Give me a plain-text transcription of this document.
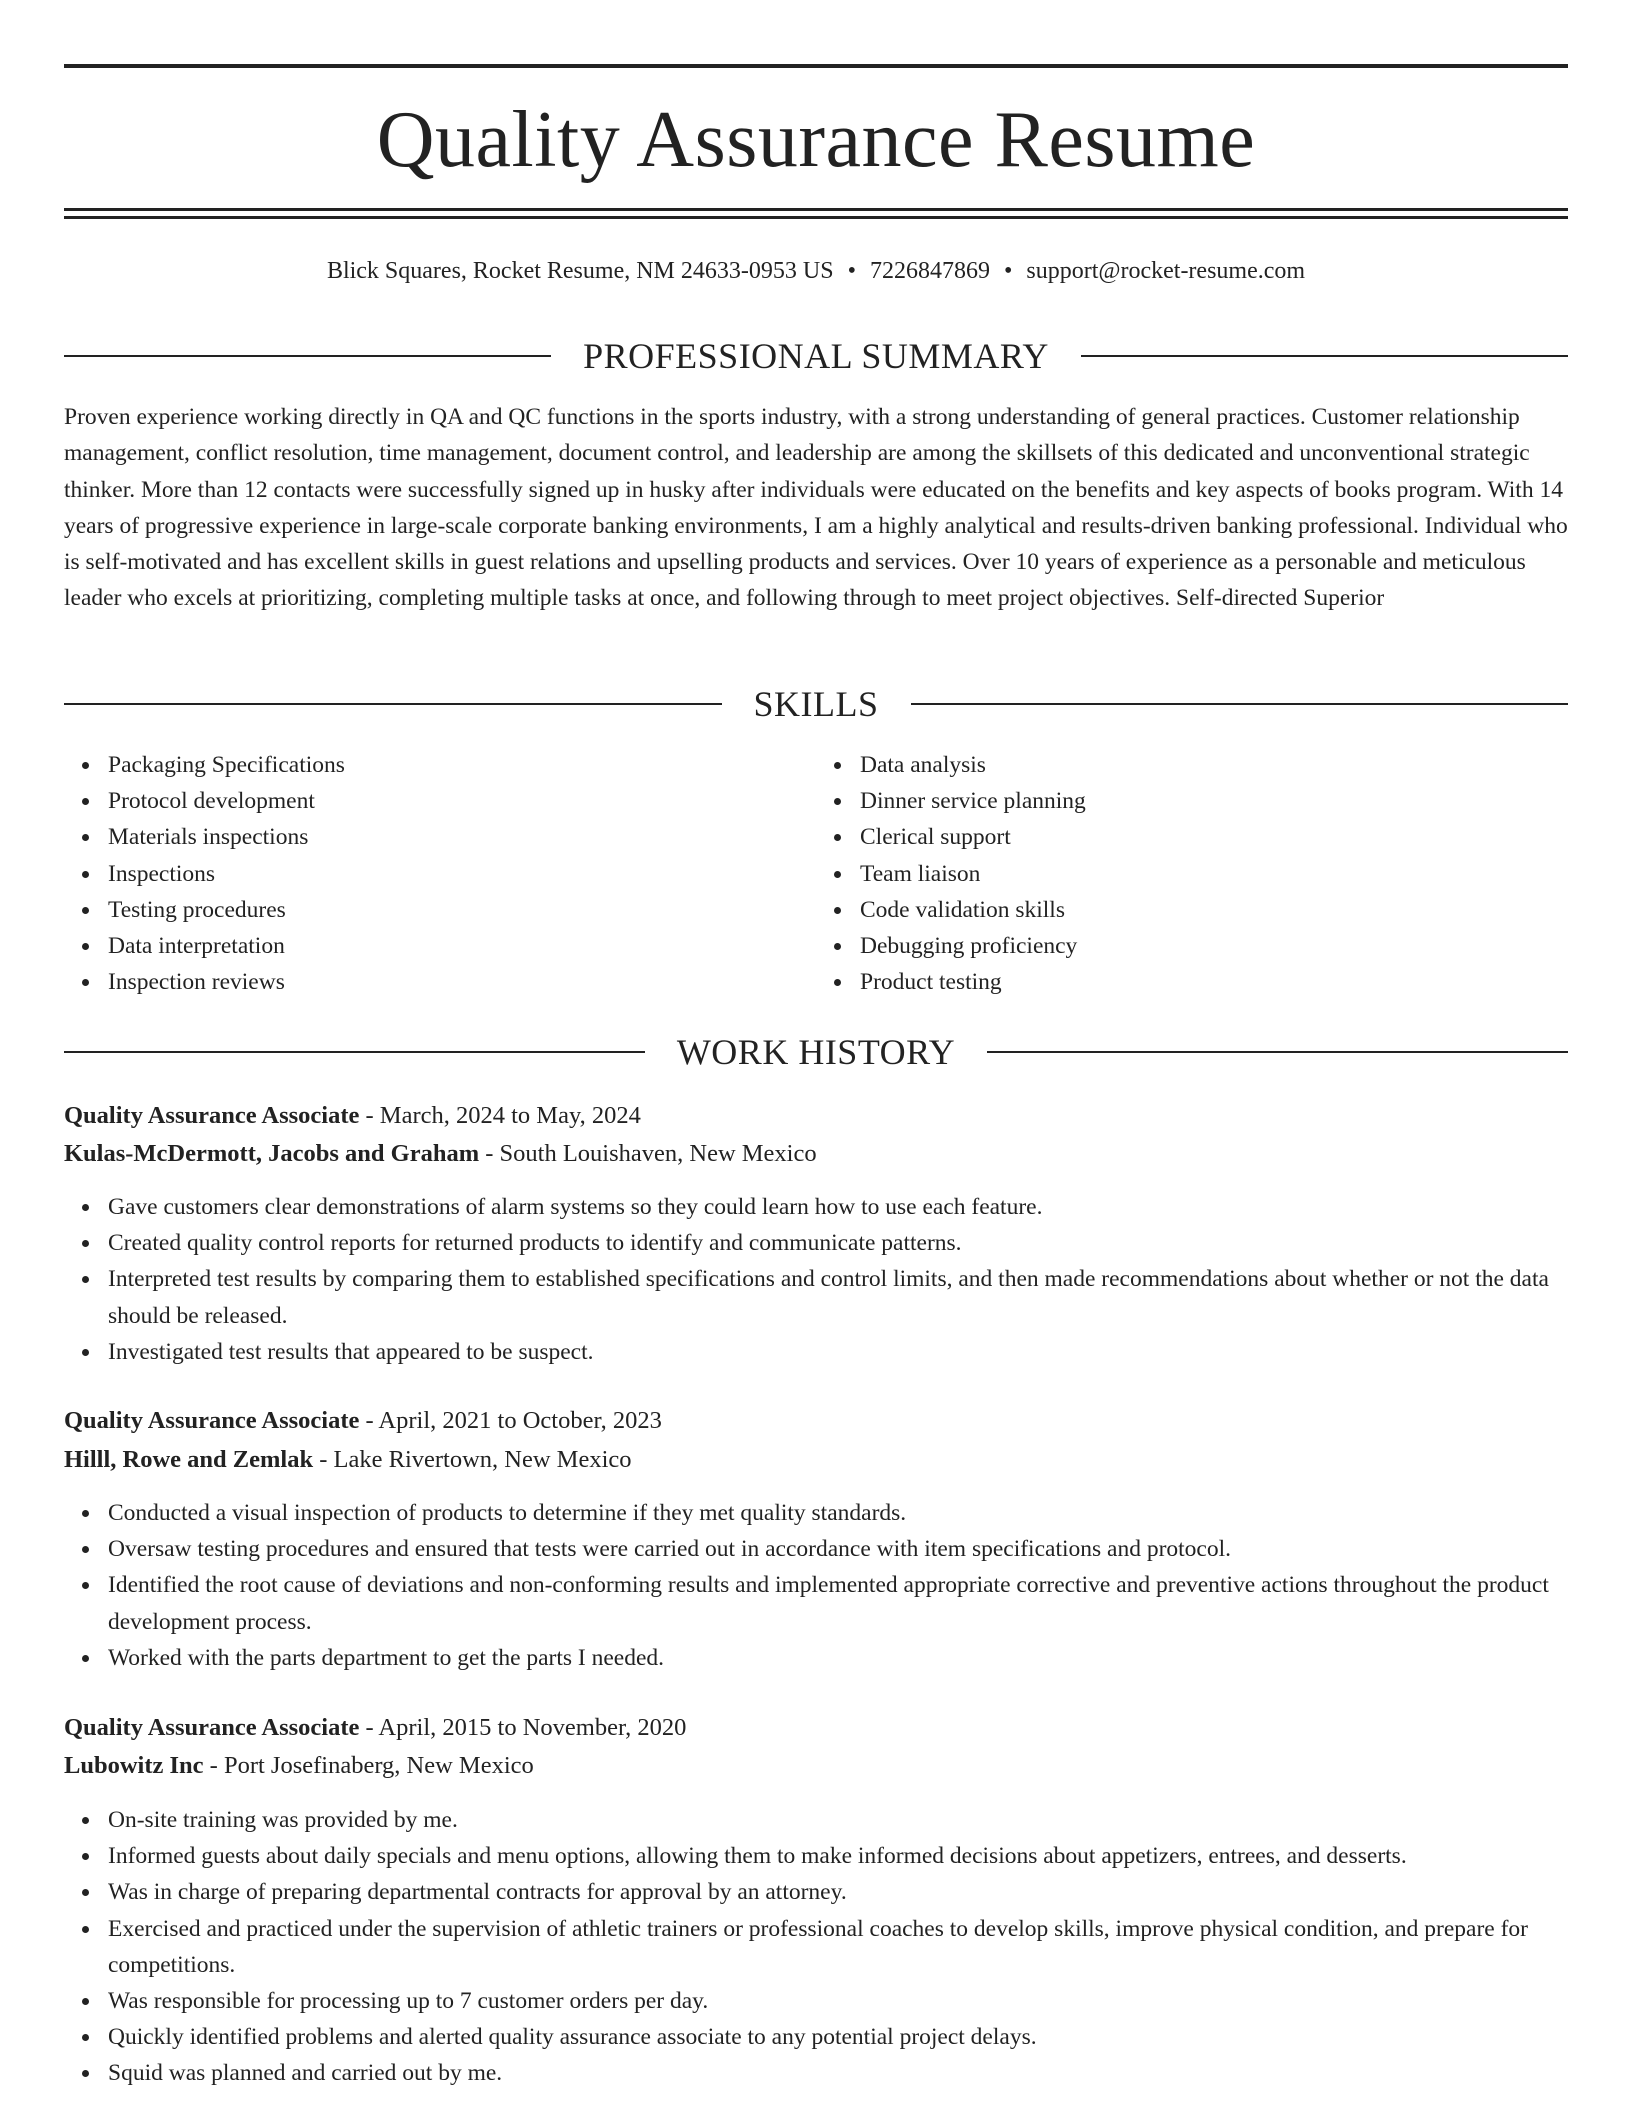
Quality Assurance Resume
Blick Squares, Rocket Resume, NM 24633-0953 US • 7226847869 • support@rocket-resume.com
PROFESSIONAL SUMMARY

Proven experience working directly in QA and QC functions in the sports industry, with a strong understanding of general practices. Customer relationship management, conflict resolution, time management, document control, and leadership are among the skillsets of this dedicated and unconventional strategic thinker. More than 12 contacts were successfully signed up in husky after individuals were educated on the benefits and key aspects of books program. With 14 years of progressive experience in large-scale corporate banking environments, I am a highly analytical and results-driven banking professional. Individual who is self-motivated and has excellent skills in guest relations and upselling products and services. Over 10 years of experience as a personable and meticulous leader who excels at prioritizing, completing multiple tasks at once, and following through to meet project objectives. Self-directed Superior

SKILLS
Packaging Specifications
Protocol development
Materials inspections
Inspections
Testing procedures
Data interpretation
Inspection reviews
Data analysis
Dinner service planning
Clerical support
Team liaison
Code validation skills
Debugging proficiency
Product testing
WORK HISTORY
Quality Assurance Associate - March, 2024 to May, 2024
Kulas-McDermott, Jacobs and Graham - South Louishaven, New Mexico
Gave customers clear demonstrations of alarm systems so they could learn how to use each feature.
Created quality control reports for returned products to identify and communicate patterns.
Interpreted test results by comparing them to established specifications and control limits, and then made recommendations about whether or not the data should be released.
Investigated test results that appeared to be suspect.
Quality Assurance Associate - April, 2021 to October, 2023
Hilll, Rowe and Zemlak - Lake Rivertown, New Mexico
Conducted a visual inspection of products to determine if they met quality standards.
Oversaw testing procedures and ensured that tests were carried out in accordance with item specifications and protocol.
Identified the root cause of deviations and non-conforming results and implemented appropriate corrective and preventive actions throughout the product development process.
Worked with the parts department to get the parts I needed.
Quality Assurance Associate - April, 2015 to November, 2020
Lubowitz Inc - Port Josefinaberg, New Mexico
On-site training was provided by me.
Informed guests about daily specials and menu options, allowing them to make informed decisions about appetizers, entrees, and desserts.
Was in charge of preparing departmental contracts for approval by an attorney.
Exercised and practiced under the supervision of athletic trainers or professional coaches to develop skills, improve physical condition, and prepare for competitions.
Was responsible for processing up to 7 customer orders per day.
Quickly identified problems and alerted quality assurance associate to any potential project delays.
Squid was planned and carried out by me.
